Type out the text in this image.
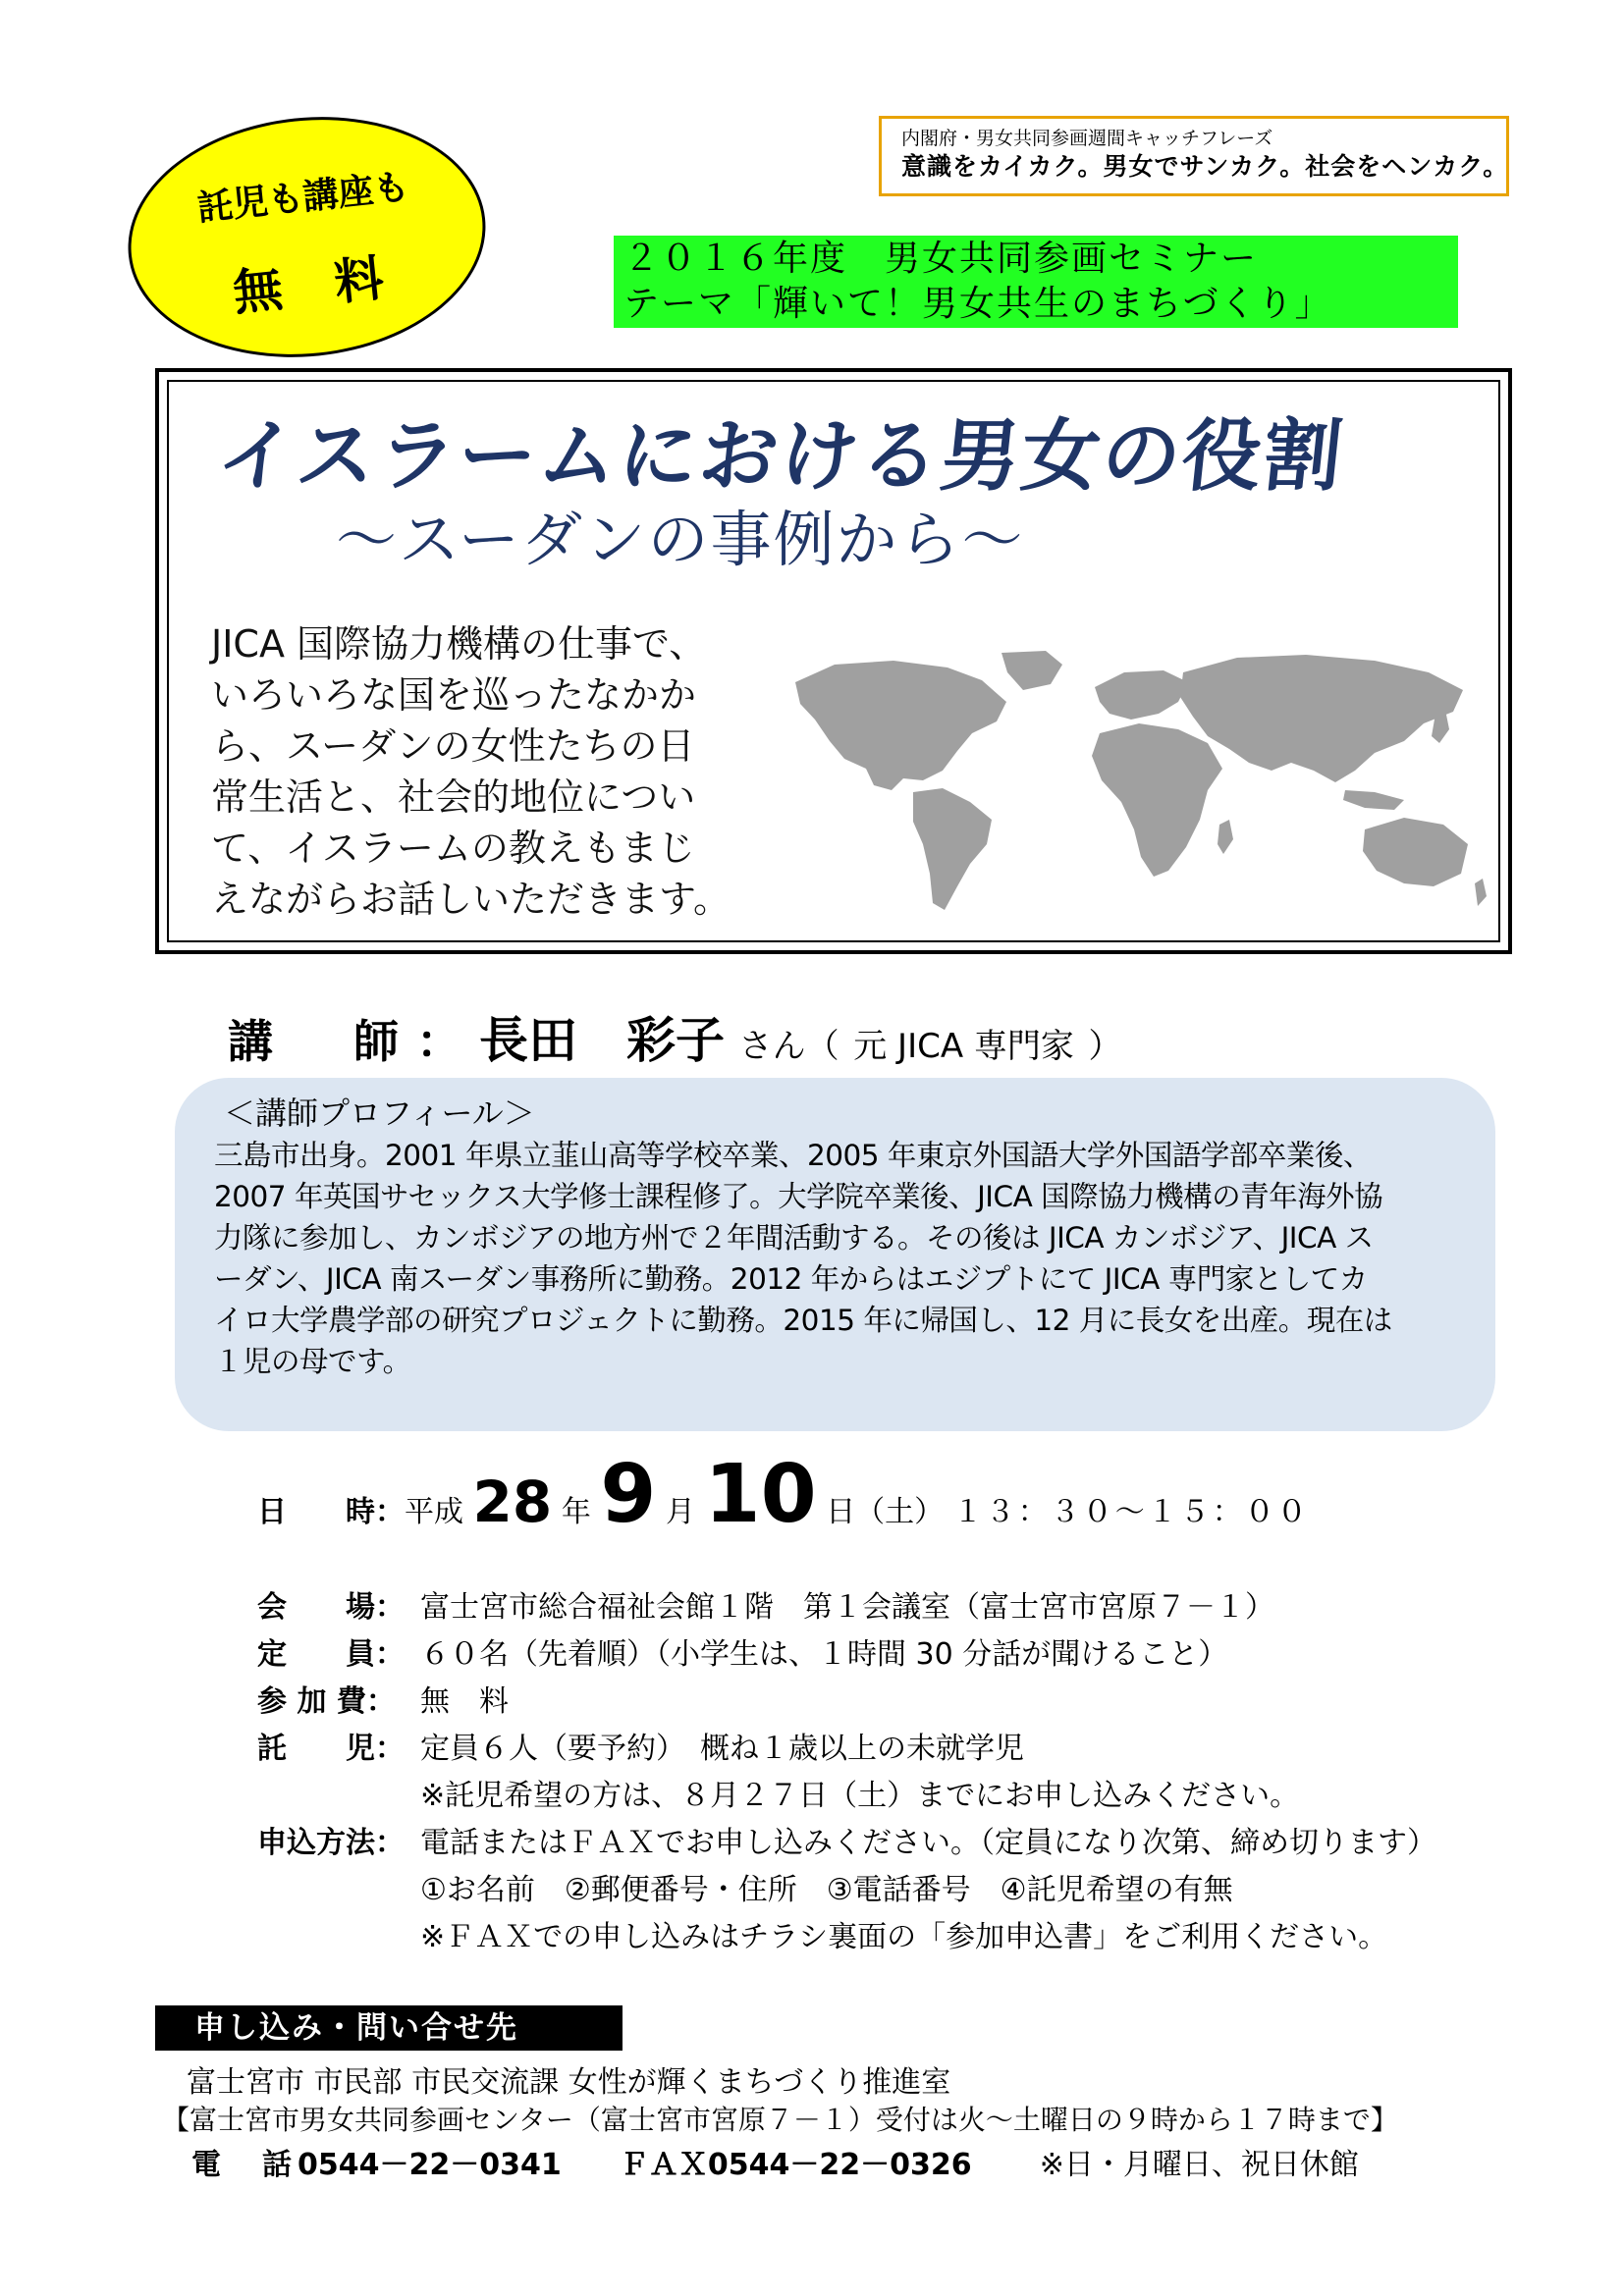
内閣府・男女共同参画週間キャッチフレーズ
意識をカイカク。男女でサンカク。社会をヘンカク。
託児も講座も
無 料	２０１６年度　男女共同参画セミナー
テーマ「輝いて！男女共生のまちづくり」
イスラームにおける男女の役割
〜スーダンの事例から〜
JICA 国際協力機構の仕事で、
いろいろな国を巡ったなかか
ら、スーダンの女性たちの日
常生活と、社会的地位につい
て、イスラームの教えもまじ
えながらお話しいただきます。
講　師：長田　彩子 さん（ 元 JICA 専門家 ）
＜講師プロフィール＞
三島市出身。2001 年県立韮山高等学校卒業、2005 年東京外国語大学外国語学部卒業後、
2007 年英国サセックス大学修士課程修了。大学院卒業後、JICA 国際協力機構の青年海外協
力隊に参加し、カンボジアの地方州で２年間活動する。その後は JICA カンボジア、JICA ス
ーダン、JICA 南スーダン事務所に勤務。2012 年からはエジプトにて JICA 専門家としてカ
イロ大学農学部の研究プロジェクトに勤務。2015 年に帰国し、12 月に長女を出産。現在は
１児の母です。
日　　時：平成 28 年 9 月 10 日（土） １３：３０〜１５：００
会　　場： 富士宮市総合福祉会館１階　第１会議室（富士宮市宮原７－１）
定　　員： ６０名（先着順）（小学生は、１時間 30 分話が聞けること）
参 加 費： 無　料
託　　児： 定員６人（要予約）　概ね１歳以上の未就学児
※託児希望の方は、８月２７日（土）までにお申し込みください。
申込方法： 電話またはＦＡＸでお申し込みください。（定員になり次第、締め切ります）
①お名前　②郵便番号・住所　③電話番号　④託児希望の有無
※ＦＡＸでの申し込みはチラシ裏面の「参加申込書」をご利用ください。
申し込み・問い合せ先
富士宮市 市民部 市民交流課 女性が輝くまちづくり推進室
【富士宮市男女共同参画センター（富士宮市宮原７－１）受付は火〜土曜日の９時から１７時まで】
電　話0544－22－0341 ＦＡＸ0544－22－0326 ※日・月曜日、祝日休館
